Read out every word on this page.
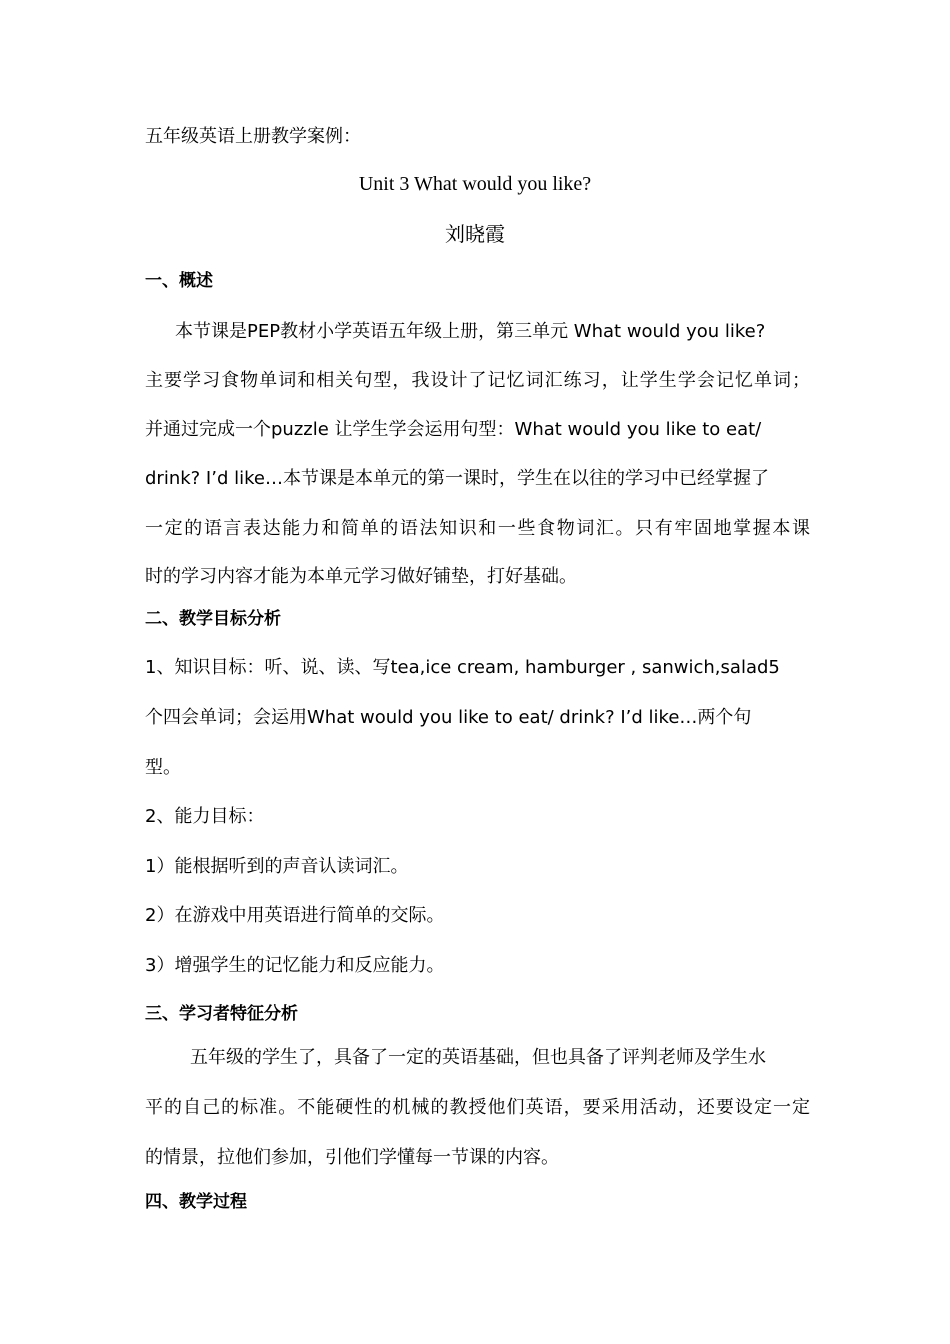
五年级英语上册教学案例：
Unit 3 What would you like?
刘晓霞
一、概述
本节课是PEP教材小学英语五年级上册，第三单元 What would you like?
主要学习食物单词和相关句型，我设计了记忆词汇练习，让学生学会记忆单词；
并通过完成一个puzzle 让学生学会运用句型：What would you like to eat/
drink? I’d like…本节课是本单元的第一课时，学生在以往的学习中已经掌握了
一定的语言表达能力和简单的语法知识和一些食物词汇。只有牢固地掌握本课
时的学习内容才能为本单元学习做好铺垫，打好基础。
二、教学目标分析
1、知识目标：听、说、读、写tea,ice cream, hamburger , sanwich,salad5
个四会单词；会运用What would you like to eat/ drink? I’d like…两个句
型。
2、能力目标：
1）能根据听到的声音认读词汇。
2）在游戏中用英语进行简单的交际。
3）增强学生的记忆能力和反应能力。
三、学习者特征分析
五年级的学生了，具备了一定的英语基础，但也具备了评判老师及学生水
平的自己的标准。不能硬性的机械的教授他们英语，要采用活动，还要设定一定
的情景，拉他们参加，引他们学懂每一节课的内容。
四、教学过程
